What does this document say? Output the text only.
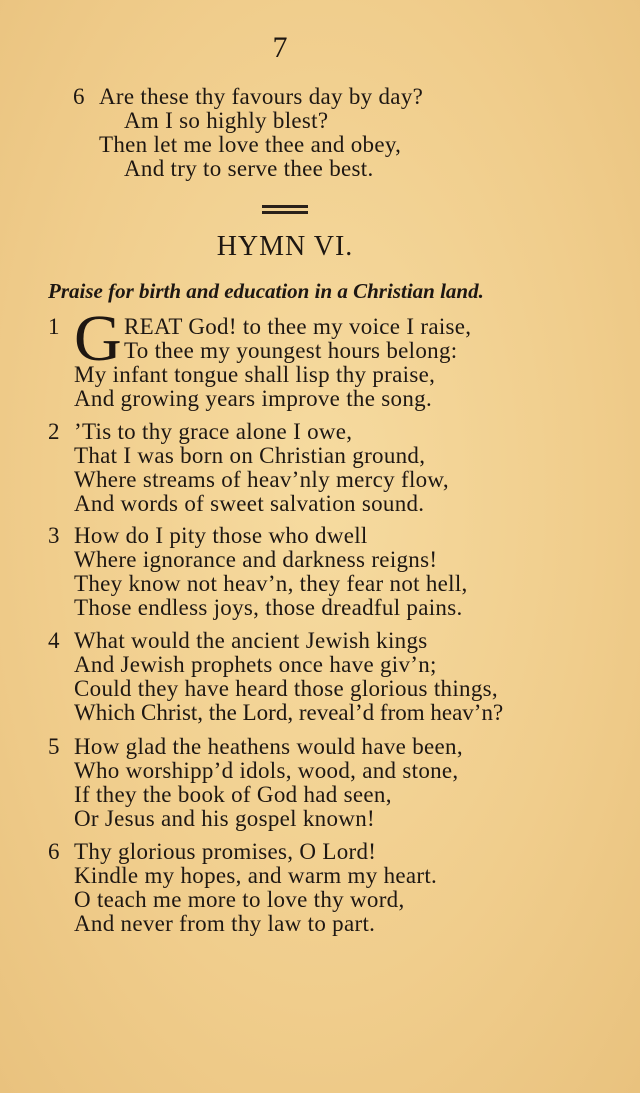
7
6 Are these thy favours day by day?
Am I so highly blest?
Then let me love thee and obey,
And try to serve thee best.
HYMN VI.
Praise for birth and education in a Christian land.
1 G REAT God! to thee my voice I raise,
To thee my youngest hours belong:
My infant tongue shall lisp thy praise,
And growing years improve the song.
2 ’Tis to thy grace alone I owe,
That I was born on Christian ground,
Where streams of heav’nly mercy flow,
And words of sweet salvation sound.
3 How do I pity those who dwell
Where ignorance and darkness reigns!
They know not heav’n, they fear not hell,
Those endless joys, those dreadful pains.
4 What would the ancient Jewish kings
And Jewish prophets once have giv’n;
Could they have heard those glorious things,
Which Christ, the Lord, reveal’d from heav’n?
5 How glad the heathens would have been,
Who worshipp’d idols, wood, and stone,
If they the book of God had seen,
Or Jesus and his gospel known!
6 Thy glorious promises, O Lord!
Kindle my hopes, and warm my heart.
O teach me more to love thy word,
And never from thy law to part.
